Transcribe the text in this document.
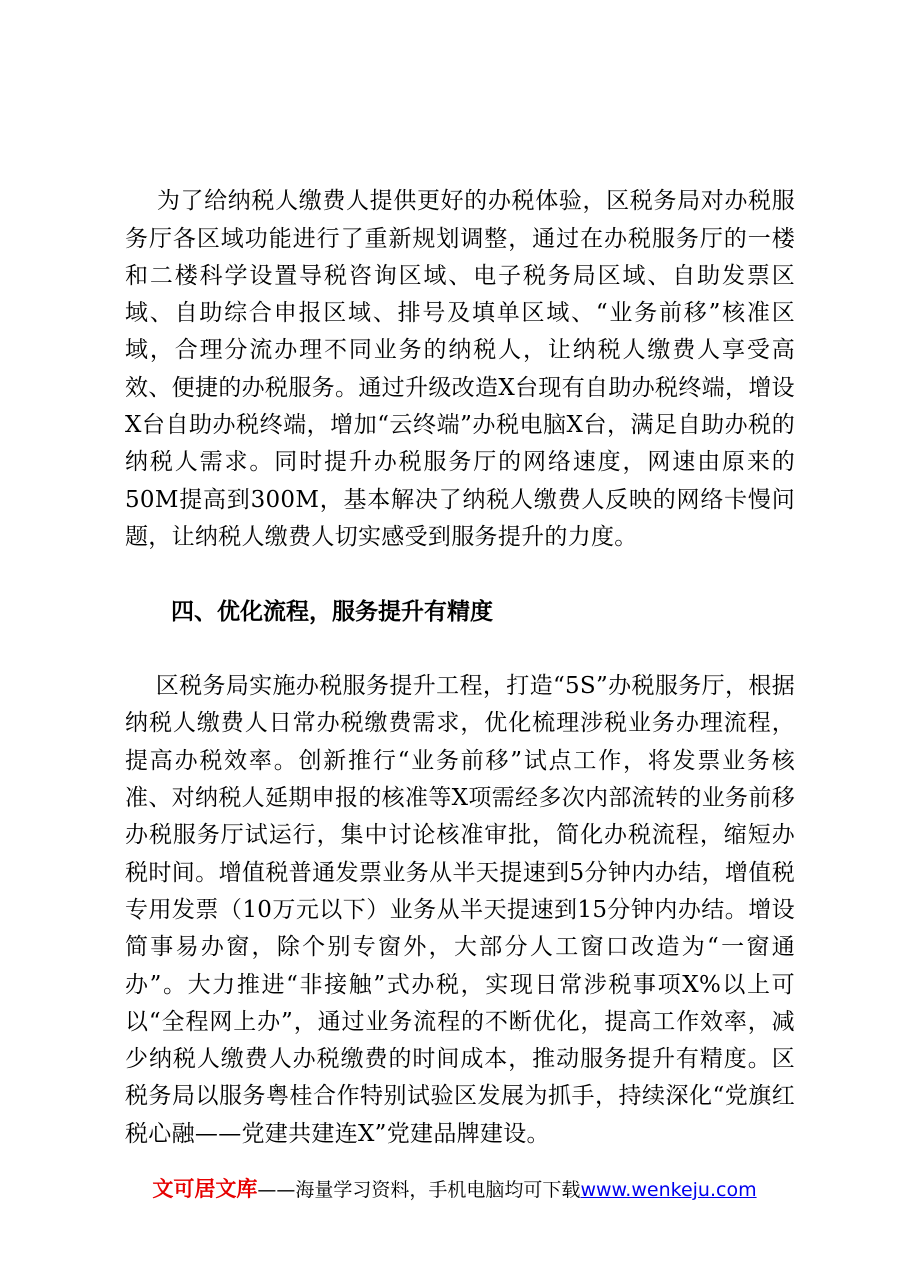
为了给纳税人缴费人提供更好的办税体验，区税务局对办税服务厅各区域功能进行了重新规划调整，通过在办税服务厅的一楼和二楼科学设置导税咨询区域、电子税务局区域、自助发票区域、自助综合申报区域、排号及填单区域、“业务前移”核准区域，合理分流办理不同业务的纳税人，让纳税人缴费人享受高效、便捷的办税服务。通过升级改造X台现有自助办税终端，增设X台自助办税终端，增加“云终端”办税电脑X台，满足自助办税的纳税人需求。同时提升办税服务厅的网络速度，网速由原来的50M提高到300M，基本解决了纳税人缴费人反映的网络卡慢问题，让纳税人缴费人切实感受到服务提升的力度。

四、优化流程，服务提升有精度

区税务局实施办税服务提升工程，打造“5S”办税服务厅，根据纳税人缴费人日常办税缴费需求，优化梳理涉税业务办理流程，提高办税效率。创新推行“业务前移”试点工作，将发票业务核准、对纳税人延期申报的核准等X项需经多次内部流转的业务前移办税服务厅试运行，集中讨论核准审批，简化办税流程，缩短办税时间。增值税普通发票业务从半天提速到5分钟内办结，增值税专用发票（10万元以下）业务从半天提速到15分钟内办结。增设简事易办窗，除个别专窗外，大部分人工窗口改造为“一窗通办”。大力推进“非接触”式办税，实现日常涉税事项X%以上可以“全程网上办”，通过业务流程的不断优化，提高工作效率，减少纳税人缴费人办税缴费的时间成本，推动服务提升有精度。区税务局以服务粤桂合作特别试验区发展为抓手，持续深化“党旗红税心融——党建共建连X”党建品牌建设。

文可居文库——海量学习资料，手机电脑均可下载www.wenkeju.com
